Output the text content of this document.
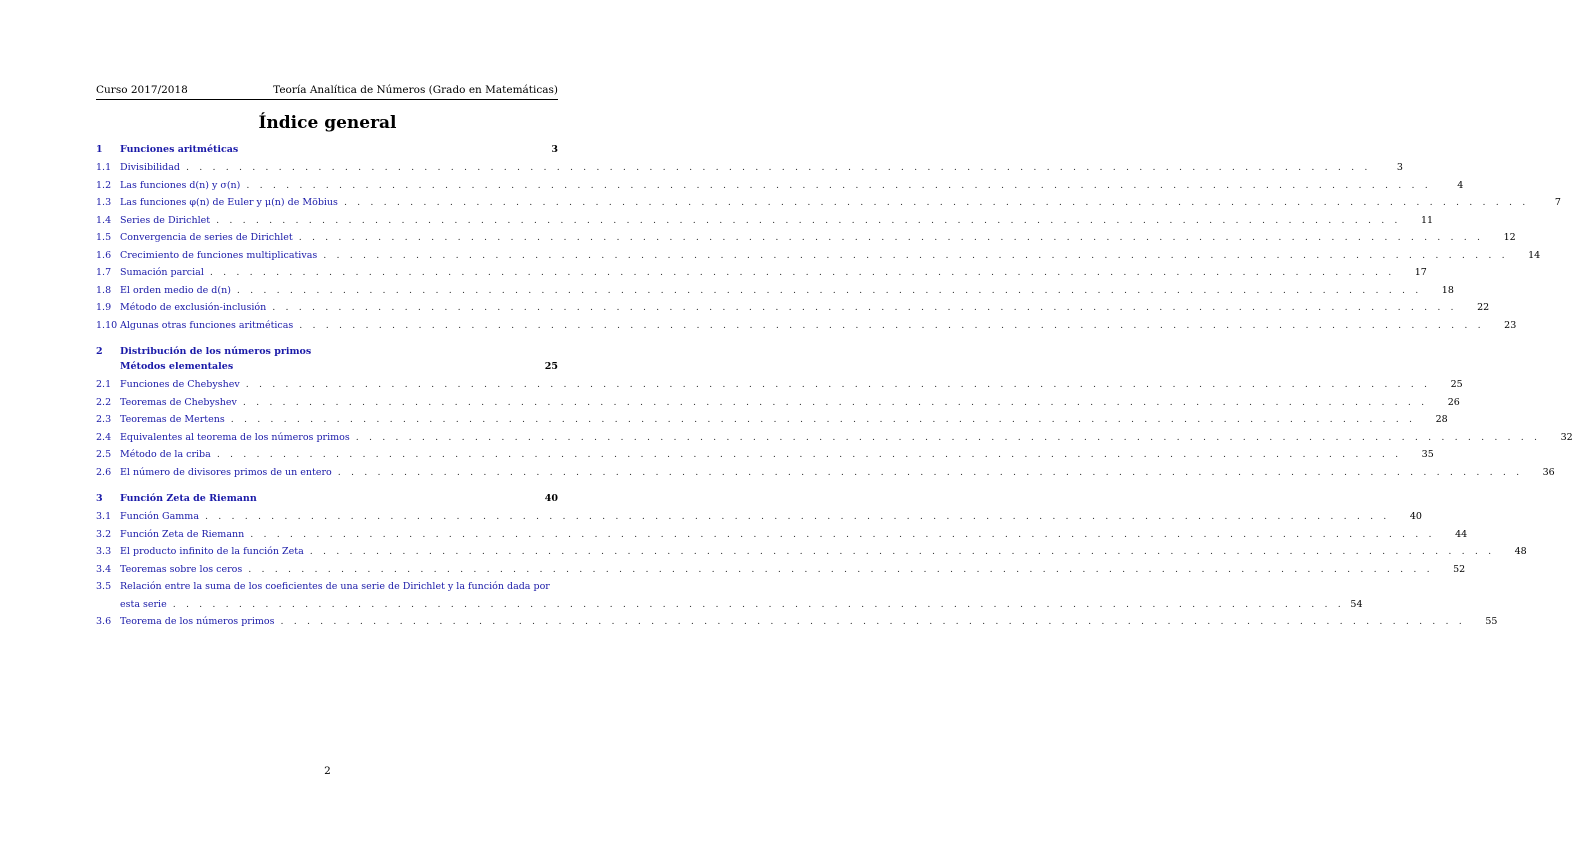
Curso 2017/2018	Teoría Analítica de Números (Grado en Matemáticas)
Índice general
1	Funciones aritméticas	3
1.1 Divisibilidad . . .	3
1.2 Las funciones d(n) y σ(n) . . .	4
1.3 Las funciones φ(n) de Euler y μ(n) de Möbius . . .	7
1.4 Series de Dirichlet . . .	11
1.5 Convergencia de series de Dirichlet . . .	12
1.6 Crecimiento de funciones multiplicativas . . .	14
1.7 Sumación parcial . . .	17
1.8 El orden medio de d(n) . . .	18
1.9 Método de exclusión-inclusión . . .	22
1.10 Algunas otras funciones aritméticas . . .	23
2	Distribución de los números primos
Métodos elementales	25
2.1 Funciones de Chebyshev . . .	25
2.2 Teoremas de Chebyshev . . .	26
2.3 Teoremas de Mertens . . .	28
2.4 Equivalentes al teorema de los números primos . . .	32
2.5 Método de la criba . . .	35
2.6 El número de divisores primos de un entero . . .	36
3	Función Zeta de Riemann	40
3.1 Función Gamma . . .	40
3.2 Función Zeta de Riemann . . .	44
3.3 El producto infinito de la función Zeta . . .	48
3.4 Teoremas sobre los ceros . . .	52
3.5 Relación entre la suma de los coeficientes de una serie de Dirichlet y la función dada por
esta serie . . .	54
3.6 Teorema de los números primos . . .	55
2
